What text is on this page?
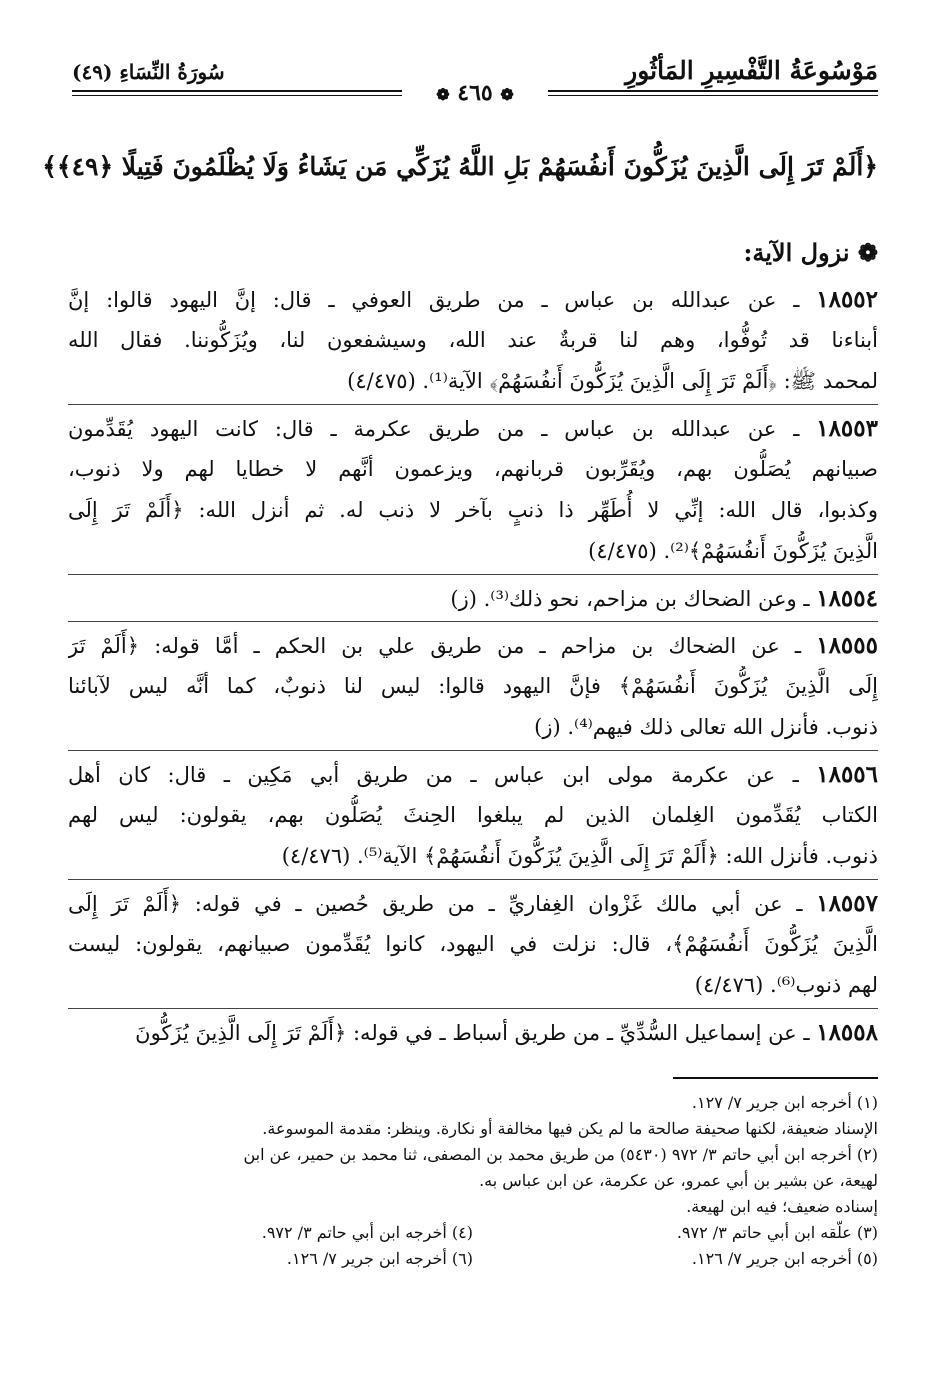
مَوْسُوعَةُ التَّفْسِيرِ المَأثُورِ
سُورَةُ النِّسَاءِ (٤٩)
❁ ٤٦٥ ❁
﴿أَلَمْ تَرَ إِلَى الَّذِينَ يُزَكُّونَ أَنفُسَهُمْ بَلِ اللَّهُ يُزَكِّي مَن يَشَاءُ وَلَا يُظْلَمُونَ فَتِيلًا ﴿٤٩﴾﴾
❁ نزول الآية:
١٨٥٥٢ ـ عن عبدالله بن عباس ـ من طريق العوفي ـ قال: إنَّ اليهود قالوا: إنَّ
أبناءنا قد تُوفُّوا، وهم لنا قربةٌ عند الله، وسيشفعون لنا، ويُزَكُّوننا. فقال الله
لمحمد ﷺ: ﴿أَلَمْ تَرَ إِلَى الَّذِينَ يُزَكُّونَ أَنفُسَهُمْ﴾ الآية⁽¹⁾. (٤/٤٧٥)
١٨٥٥٣ ـ عن عبدالله بن عباس ـ من طريق عكرمة ـ قال: كانت اليهود يُقَدِّمون
صبيانهم يُصَلُّون بهم، ويُقَرِّبون قربانهم، ويزعمون أنَّهم لا خطايا لهم ولا ذنوب،
وكذبوا، قال الله: إنِّي لا أُطَهِّر ذا ذنبٍ بآخر لا ذنب له. ثم أنزل الله: ﴿أَلَمْ تَرَ إِلَى
الَّذِينَ يُزَكُّونَ أَنفُسَهُمْ﴾⁽²⁾. (٤/٤٧٥)
١٨٥٥٤ ـ وعن الضحاك بن مزاحم، نحو ذلك⁽³⁾. (ز)
١٨٥٥٥ ـ عن الضحاك بن مزاحم ـ من طريق علي بن الحكم ـ أمَّا قوله: ﴿أَلَمْ تَرَ
إِلَى الَّذِينَ يُزَكُّونَ أَنفُسَهُمْ﴾ فإنَّ اليهود قالوا: ليس لنا ذنوبٌ، كما أنَّه ليس لآبائنا
ذنوب. فأنزل الله تعالى ذلك فيهم⁽⁴⁾. (ز)
١٨٥٥٦ ـ عن عكرمة مولى ابن عباس ـ من طريق أبي مَكِين ـ قال: كان أهل
الكتاب يُقَدِّمون الغِلمان الذين لم يبلغوا الحِنثَ يُصَلُّون بهم، يقولون: ليس لهم
ذنوب. فأنزل الله: ﴿أَلَمْ تَرَ إِلَى الَّذِينَ يُزَكُّونَ أَنفُسَهُمْ﴾ الآية⁽⁵⁾. (٤/٤٧٦)
١٨٥٥٧ ـ عن أبي مالك غَزْوان الغِفاريِّ ـ من طريق حُصين ـ في قوله: ﴿أَلَمْ تَرَ إِلَى
الَّذِينَ يُزَكُّونَ أَنفُسَهُمْ﴾، قال: نزلت في اليهود، كانوا يُقَدِّمون صبيانهم، يقولون: ليست
لهم ذنوب⁽⁶⁾. (٤/٤٧٦)
١٨٥٥٨ ـ عن إسماعيل السُّدِّيِّ ـ من طريق أسباط ـ في قوله: ﴿أَلَمْ تَرَ إِلَى الَّذِينَ يُزَكُّونَ
(١) أخرجه ابن جرير ٧/ ١٢٧.
الإسناد ضعيفة، لكنها صحيفة صالحة ما لم يكن فيها مخالفة أو نكارة. وينظر: مقدمة الموسوعة.
(٢) أخرجه ابن أبي حاتم ٣/ ٩٧٢ (٥٤٣٠) من طريق محمد بن المصفى، ثنا محمد بن حمير، عن ابن
لهيعة، عن بشير بن أبي عمرو، عن عكرمة، عن ابن عباس به.
إسناده ضعيف؛ فيه ابن لهيعة.
(٣) علّقه ابن أبي حاتم ٣/ ٩٧٢.
(٥) أخرجه ابن جرير ٧/ ١٢٦.
(٤) أخرجه ابن أبي حاتم ٣/ ٩٧٢.
(٦) أخرجه ابن جرير ٧/ ١٢٦.
